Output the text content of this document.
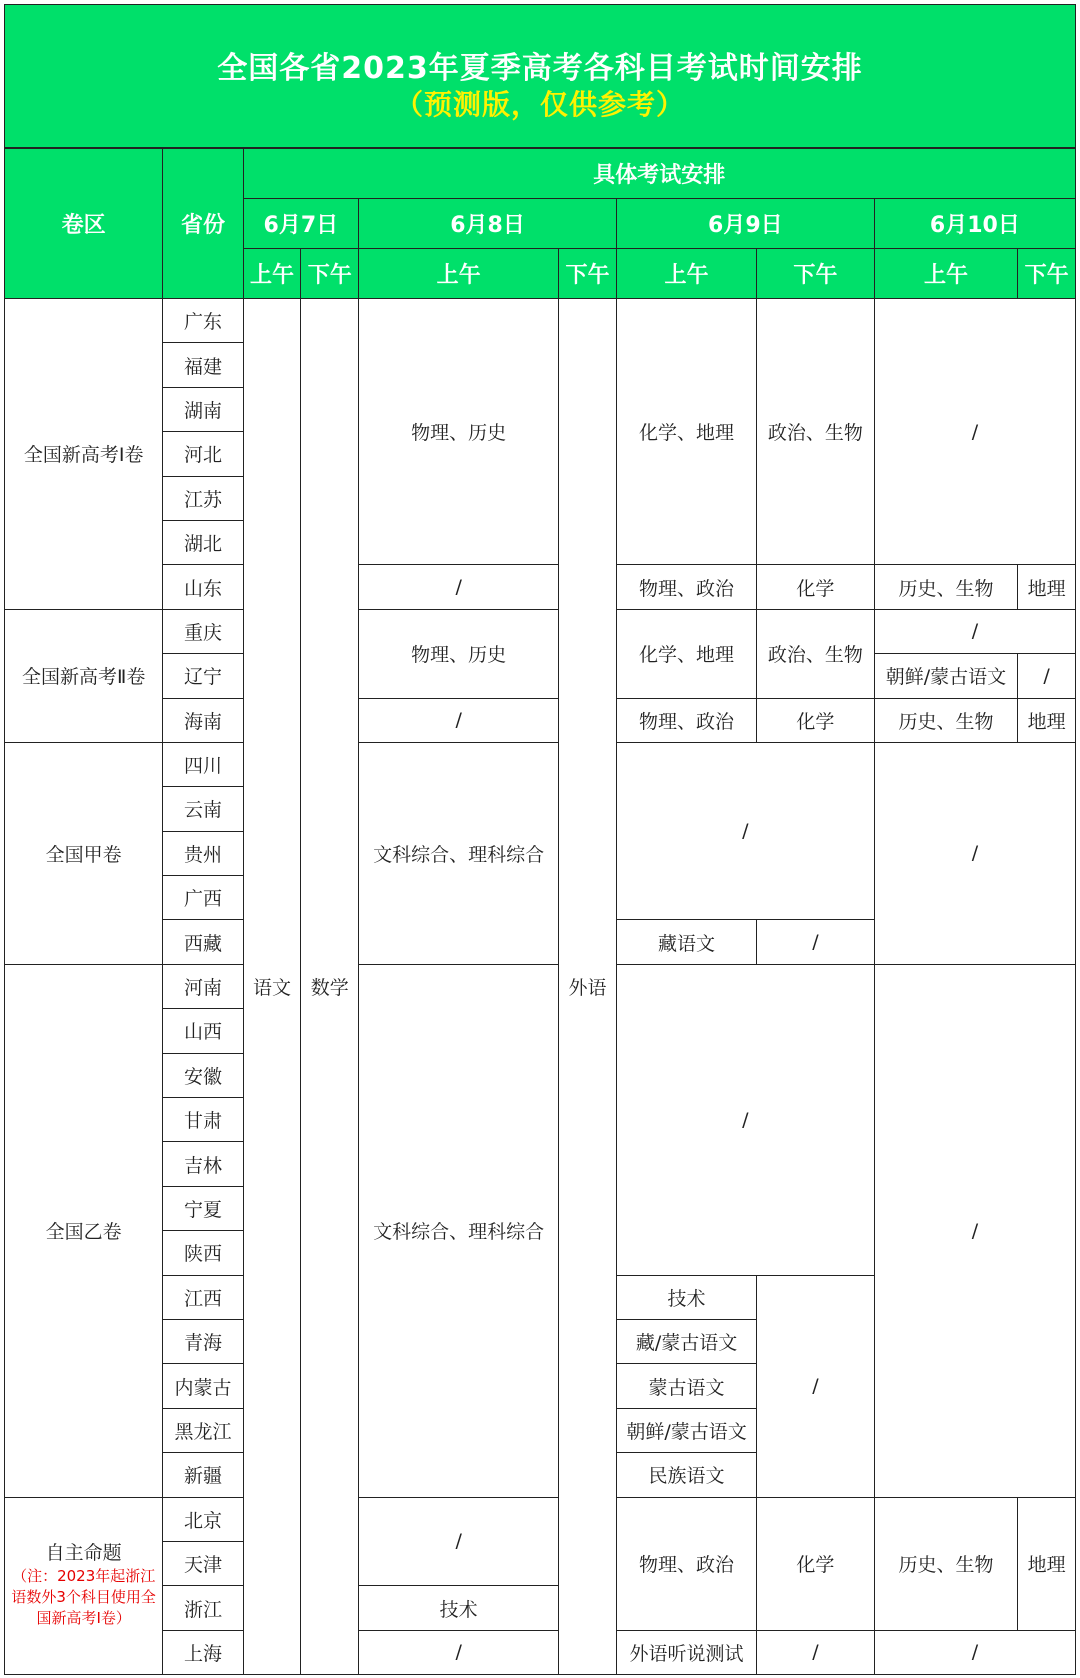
全国各省2023年夏季高考各科目考试时间安排
（预测版，仅供参考）
卷区	省份	具体考试安排							
		6月7日		6月8日		6月9日		6月10日	
		上午	下午	上午	下午	上午	下午	上午	下午
全国新高考Ⅰ卷	广东	语文	数学	物理、历史	外语	化学、地理	政治、生物	/	
	福建								
	湖南								
	河北								
	江苏								
	湖北								
	山东			/		物理、政治	化学	历史、生物	地理
全国新高考Ⅱ卷	重庆			物理、历史		化学、地理	政治、生物	/	
	辽宁							朝鲜/蒙古语文	/
	海南			/		物理、政治	化学	历史、生物	地理
全国甲卷	四川			文科综合、理科综合		/		/	
	云南								
	贵州								
	广西								
	西藏					藏语文	/		
全国乙卷	河南			文科综合、理科综合		/		/	
	山西								
	安徽								
	甘肃								
	吉林								
	宁夏								
	陕西								
	江西					技术	/		
	青海					藏/蒙古语文			
	内蒙古					蒙古语文			
	黑龙江					朝鲜/蒙古语文			
	新疆					民族语文			

自主命题
（注：2023年起浙江语数外3个科目使用全国新高考Ⅰ卷）	北京			/		物理、政治	化学	历史、生物	地理
	天津								
	浙江			技术					
	上海			/		外语听说测试	/	/	
